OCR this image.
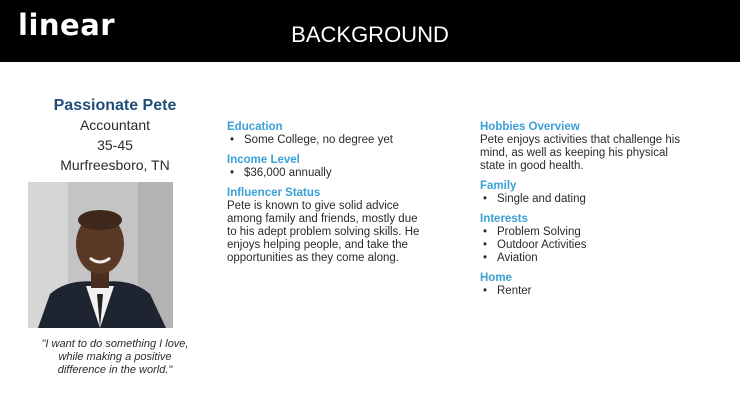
linear	BACKGROUND
Passionate Pete
Accountant
35-45
Murfreesboro, TN
"I want to do something I love,
while making a positive
difference in the world."
Education
• Some College, no degree yet
Income Level
• $36,000 annually
Influencer Status
Pete is known to give solid advice
among family and friends, mostly due
to his adept problem solving skills. He
enjoys helping people, and take the
opportunities as they come along.
Hobbies Overview
Pete enjoys activities that challenge his
mind, as well as keeping his physical
state in good health.
Family
• Single and dating
Interests
• Problem Solving
• Outdoor Activities
• Aviation
Home
• Renter
